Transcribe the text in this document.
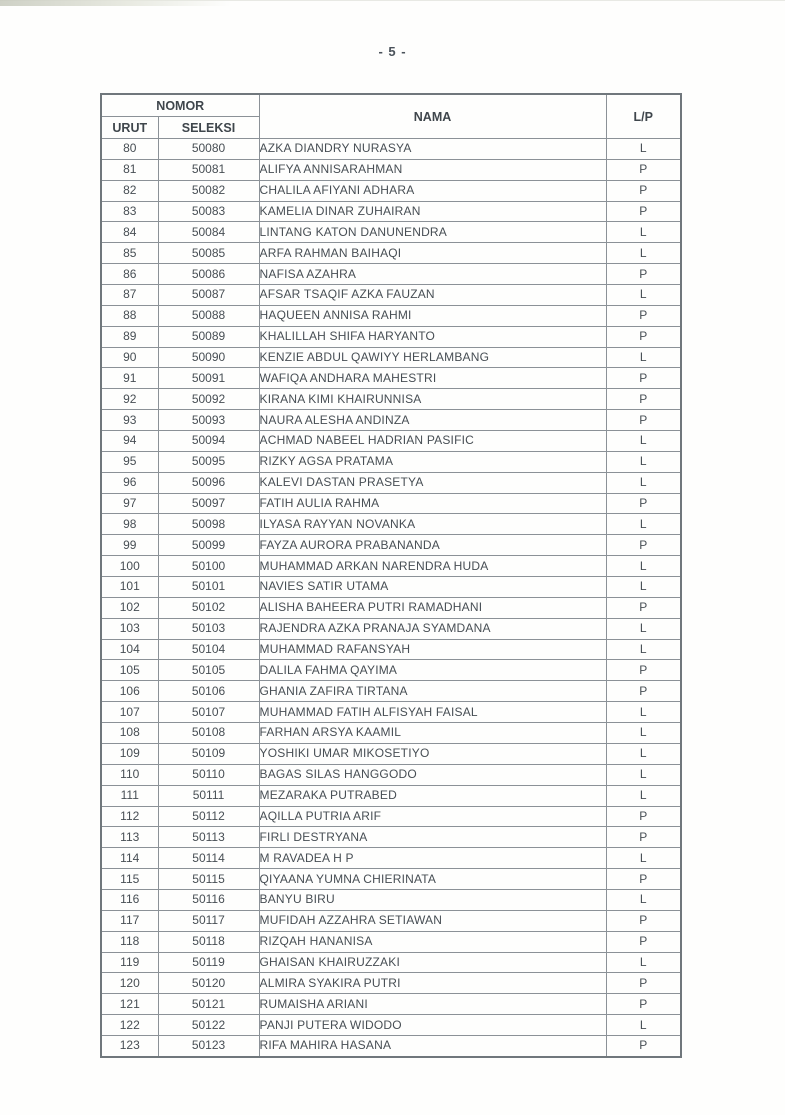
- 5 -
NOMOR		NAMA	L/P
URUT	SELEKSI		
80	50080	AZKA DIANDRY NURASYA	L
81	50081	ALIFYA ANNISARAHMAN	P
82	50082	CHALILA AFIYANI ADHARA	P
83	50083	KAMELIA DINAR ZUHAIRAN	P
84	50084	LINTANG KATON DANUNENDRA	L
85	50085	ARFA RAHMAN BAIHAQI	L
86	50086	NAFISA AZAHRA	P
87	50087	AFSAR TSAQIF AZKA FAUZAN	L
88	50088	HAQUEEN ANNISA RAHMI	P
89	50089	KHALILLAH SHIFA HARYANTO	P
90	50090	KENZIE ABDUL QAWIYY HERLAMBANG	L
91	50091	WAFIQA ANDHARA MAHESTRI	P
92	50092	KIRANA KIMI KHAIRUNNISA	P
93	50093	NAURA ALESHA ANDINZA	P
94	50094	ACHMAD NABEEL HADRIAN PASIFIC	L
95	50095	RIZKY AGSA PRATAMA	L
96	50096	KALEVI DASTAN PRASETYA	L
97	50097	FATIH AULIA RAHMA	P
98	50098	ILYASA RAYYAN NOVANKA	L
99	50099	FAYZA AURORA PRABANANDA	P
100	50100	MUHAMMAD ARKAN NARENDRA HUDA	L
101	50101	NAVIES SATIR UTAMA	L
102	50102	ALISHA BAHEERA PUTRI RAMADHANI	P
103	50103	RAJENDRA AZKA PRANAJA SYAMDANA	L
104	50104	MUHAMMAD RAFANSYAH	L
105	50105	DALILA FAHMA QAYIMA	P
106	50106	GHANIA ZAFIRA TIRTANA	P
107	50107	MUHAMMAD FATIH ALFISYAH FAISAL	L
108	50108	FARHAN ARSYA KAAMIL	L
109	50109	YOSHIKI UMAR MIKOSETIYO	L
110	50110	BAGAS SILAS HANGGODO	L
111	50111	MEZARAKA PUTRABED	L
112	50112	AQILLA PUTRIA ARIF	P
113	50113	FIRLI DESTRYANA	P
114	50114	M RAVADEA H P	L
115	50115	QIYAANA YUMNA CHIERINATA	P
116	50116	BANYU BIRU	L
117	50117	MUFIDAH AZZAHRA SETIAWAN	P
118	50118	RIZQAH HANANISA	P
119	50119	GHAISAN KHAIRUZZAKI	L
120	50120	ALMIRA SYAKIRA PUTRI	P
121	50121	RUMAISHA ARIANI	P
122	50122	PANJI PUTERA WIDODO	L
123	50123	RIFA MAHIRA HASANA	P
